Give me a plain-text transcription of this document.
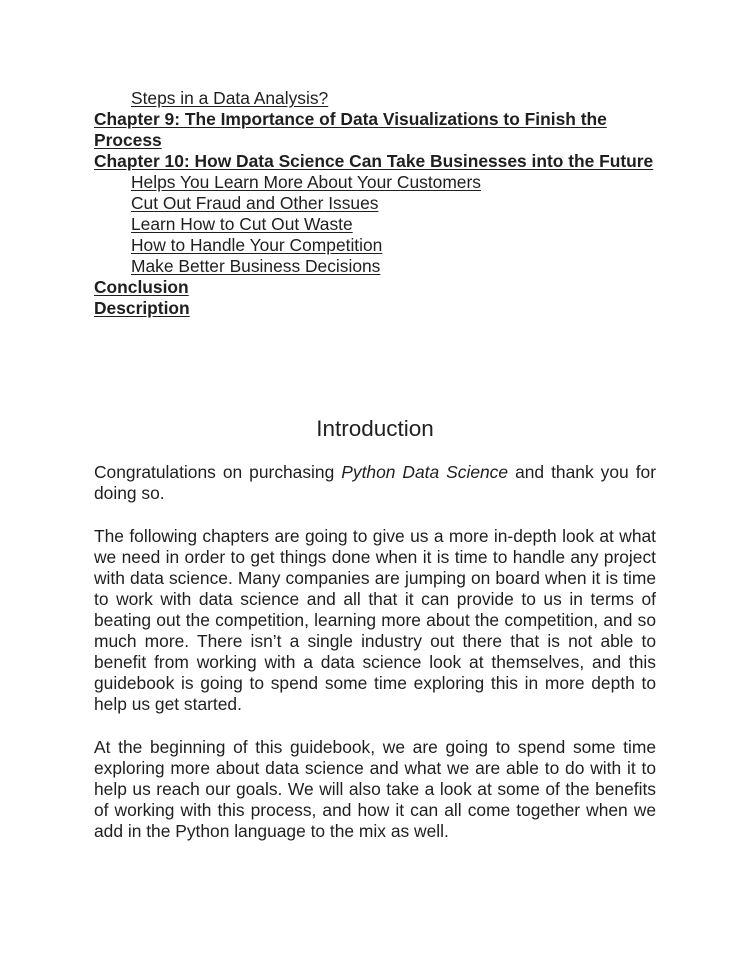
Steps in a Data Analysis?
Chapter 9: The Importance of Data Visualizations to Finish the Process
Chapter 10: How Data Science Can Take Businesses into the Future
Helps You Learn More About Your Customers
Cut Out Fraud and Other Issues
Learn How to Cut Out Waste
How to Handle Your Competition
Make Better Business Decisions
Conclusion
Description
Introduction

Congratulations on purchasing Python Data Science and thank you for doing so.

The following chapters are going to give us a more in-depth look at what we need in order to get things done when it is time to handle any project with data science. Many companies are jumping on board when it is time to work with data science and all that it can provide to us in terms of beating out the competition, learning more about the competition, and so much more. There isn’t a single industry out there that is not able to benefit from working with a data science look at themselves, and this guidebook is going to spend some time exploring this in more depth to help us get started.

At the beginning of this guidebook, we are going to spend some time exploring more about data science and what we are able to do with it to help us reach our goals. We will also take a look at some of the benefits of working with this process, and how it can all come together when we add in the Python language to the mix as well.
